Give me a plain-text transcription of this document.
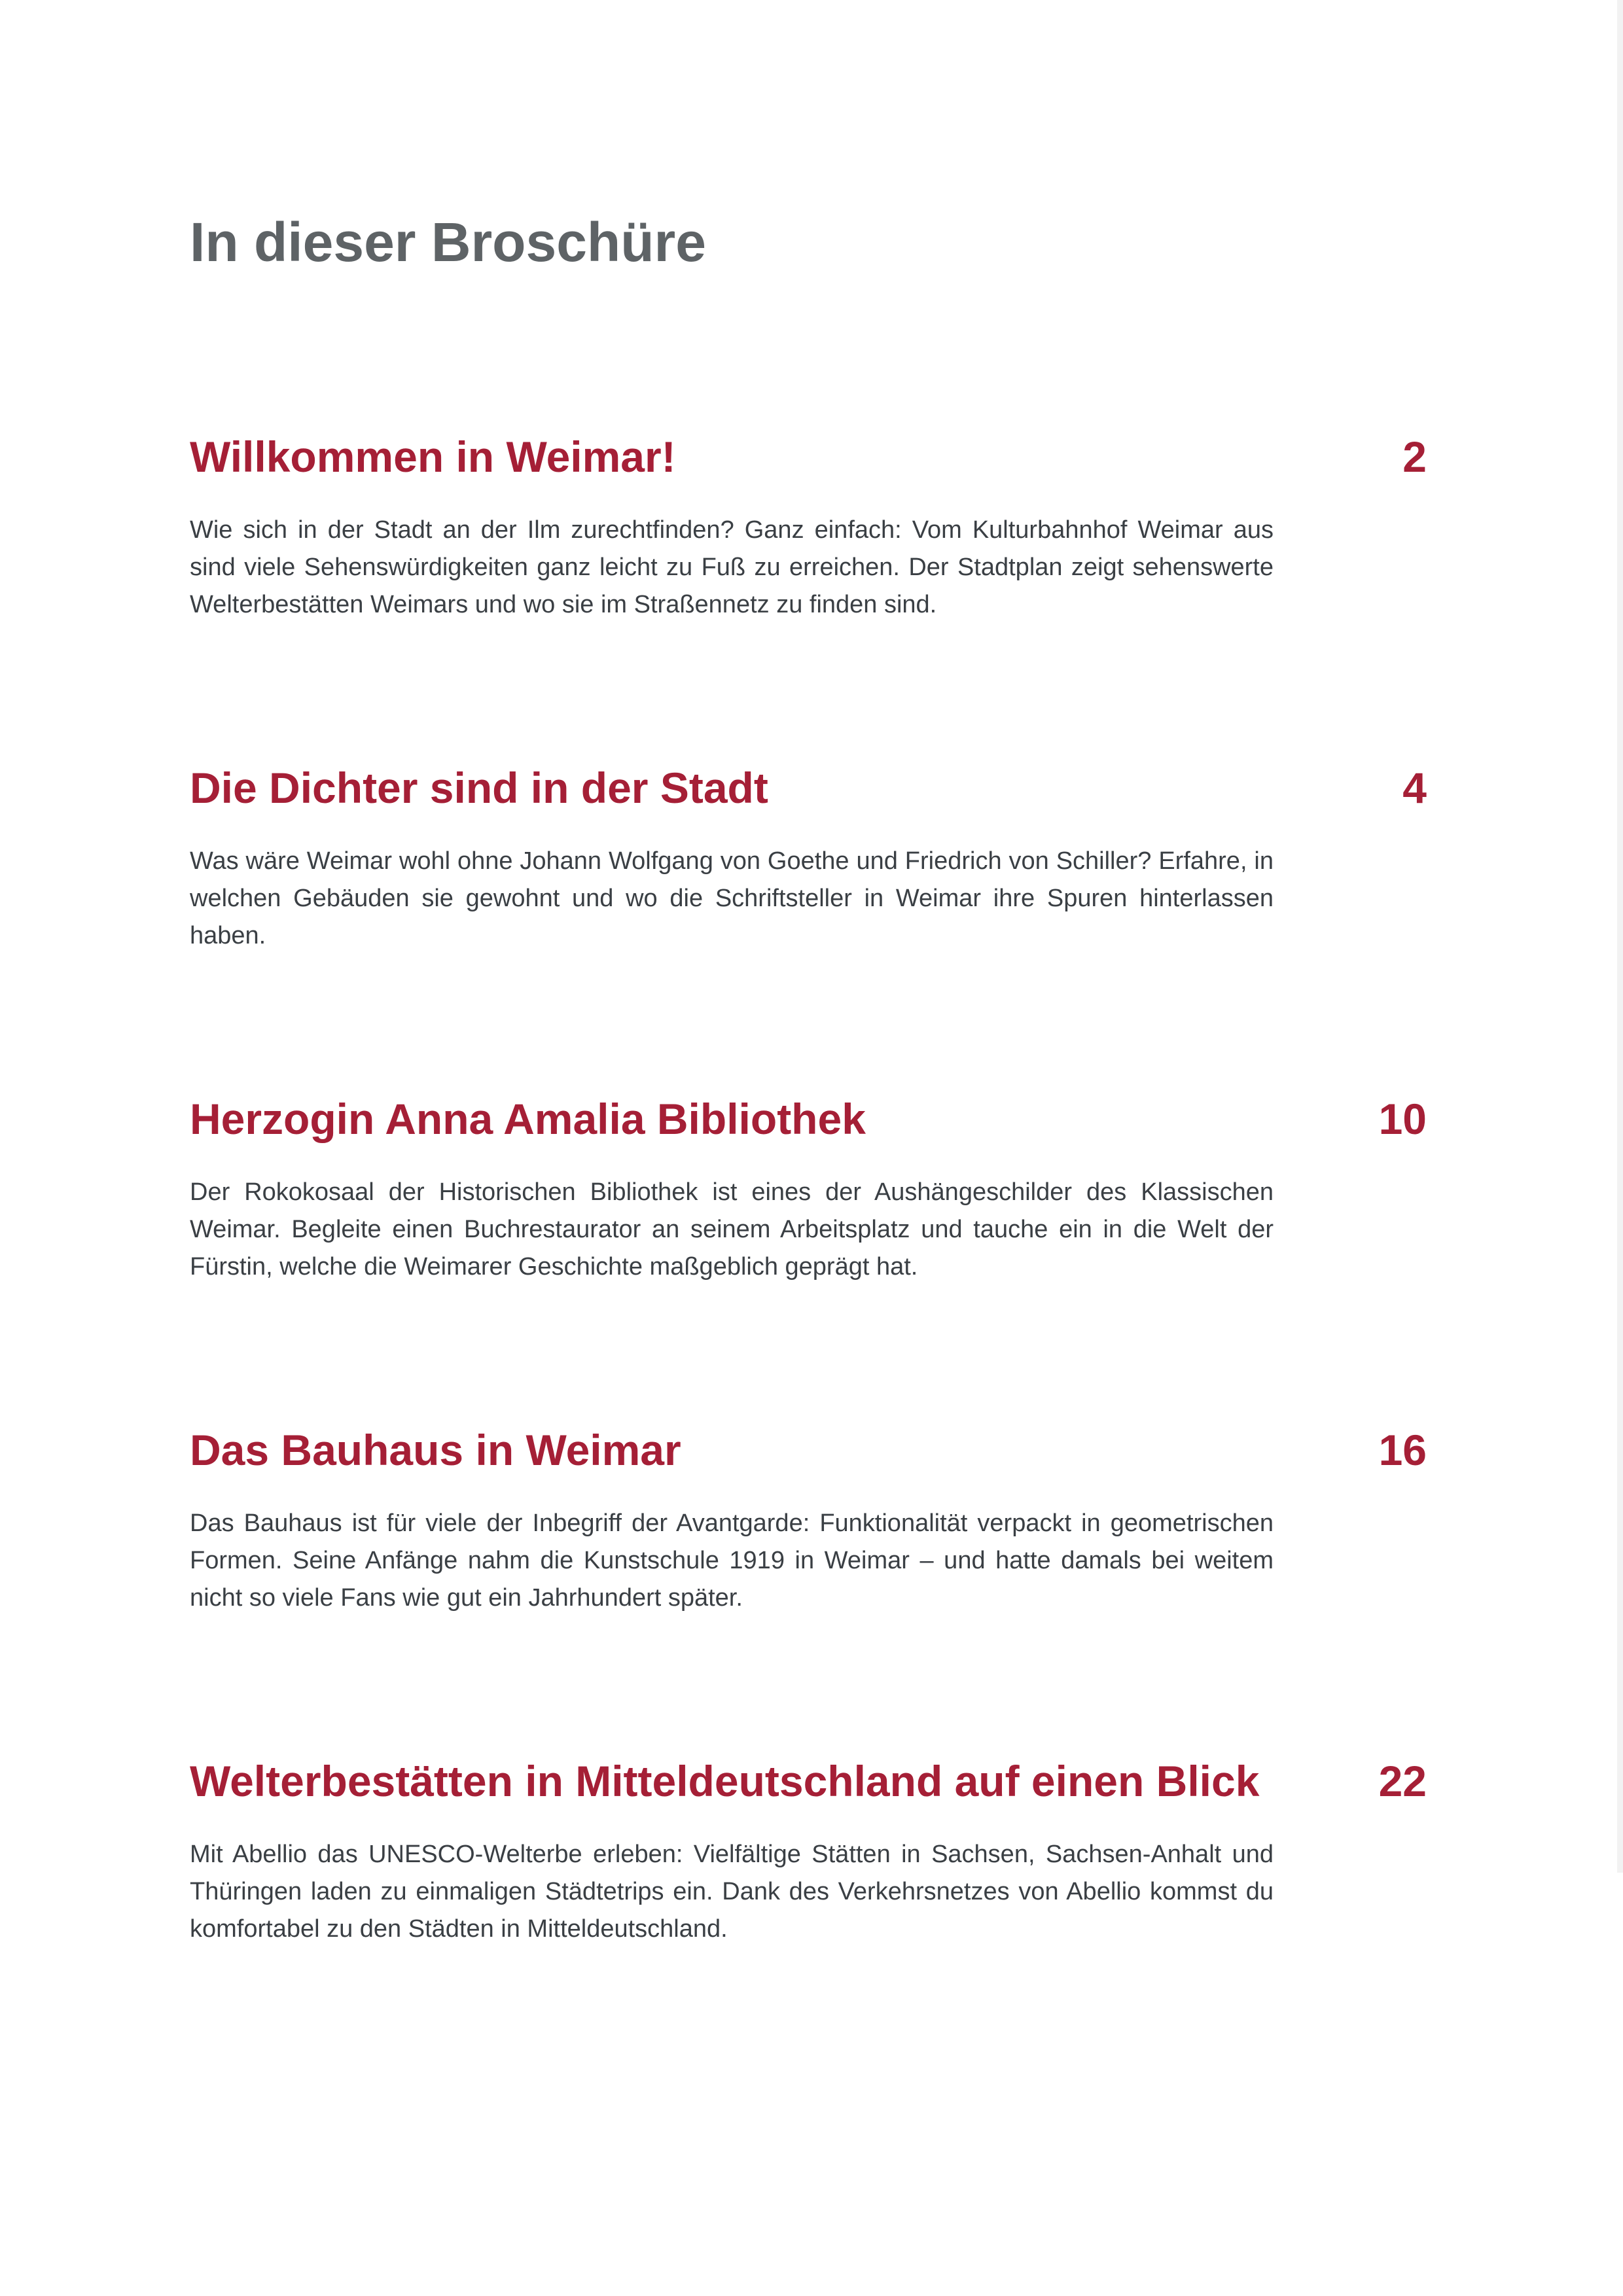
In dieser Broschüre
Willkommen in Weimar!	2

Wie sich in der Stadt an der Ilm zurechtfinden? Ganz einfach: Vom Kulturbahnhof Weimar aus sind viele Sehenswürdigkeiten ganz leicht zu Fuß zu erreichen. Der Stadtplan zeigt sehenswerte Welterbestätten Weimars und wo sie im Straßennetz zu finden sind.

Die Dichter sind in der Stadt	4

Was wäre Weimar wohl ohne Johann Wolfgang von Goethe und Friedrich von Schiller? Erfahre, in welchen Gebäuden sie gewohnt und wo die Schriftsteller in Weimar ihre Spuren hinterlassen haben.

Herzogin Anna Amalia Bibliothek	10

Der Rokokosaal der Historischen Bibliothek ist eines der Aushängeschilder des Klassischen Weimar. Begleite einen Buchrestaurator an seinem Arbeitsplatz und tauche ein in die Welt der Fürstin, welche die Weimarer Geschichte maßgeblich geprägt hat.

Das Bauhaus in Weimar	16

Das Bauhaus ist für viele der Inbegriff der Avantgarde: Funktionalität verpackt in geometrischen Formen. Seine Anfänge nahm die Kunstschule 1919 in Weimar – und hatte damals bei weitem nicht so viele Fans wie gut ein Jahrhundert später.

Welterbestätten in Mitteldeutschland auf einen Blick	22

Mit Abellio das UNESCO-Welterbe erleben: Vielfältige Stätten in Sachsen, Sachsen-Anhalt und Thüringen laden zu einmaligen Städtetrips ein. Dank des Verkehrsnetzes von Abellio kommst du komfortabel zu den Städten in Mitteldeutschland.
